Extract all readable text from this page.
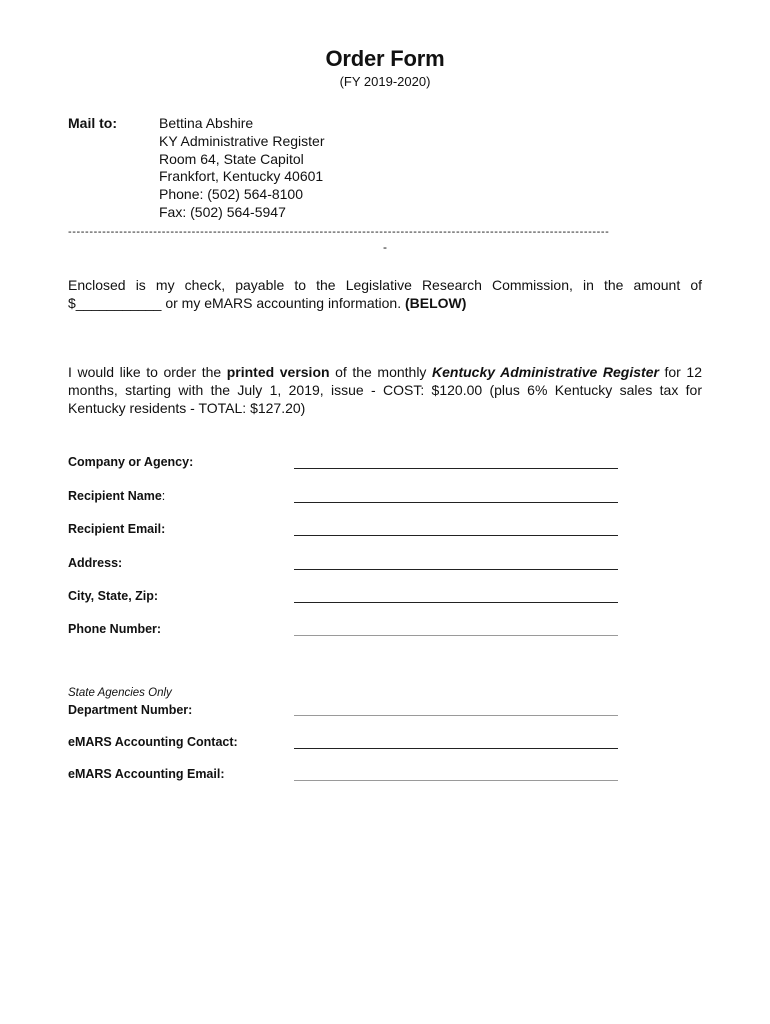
Order Form
(FY 2019-2020)
Mail to:	Bettina Abshire
KY Administrative Register
Room 64, State Capitol
Frankfort, Kentucky 40601
Phone: (502) 564-8100
Fax: (502) 564-5947
-------------------------------------------------------------------------------------------------------------------------------
-
Enclosed is my check, payable to the Legislative Research Commission, in the amount of $___________ or my eMARS accounting information. (BELOW)
I would like to order the printed version of the monthly Kentucky Administrative Register for 12 months, starting with the July 1, 2019, issue - COST: $120.00 (plus 6% Kentucky sales tax for Kentucky residents - TOTAL: $127.20)
Company or Agency:
Recipient Name:
Recipient Email:
Address:
City, State, Zip:
Phone Number:
State Agencies Only
Department Number:
eMARS Accounting Contact:
eMARS Accounting Email:
